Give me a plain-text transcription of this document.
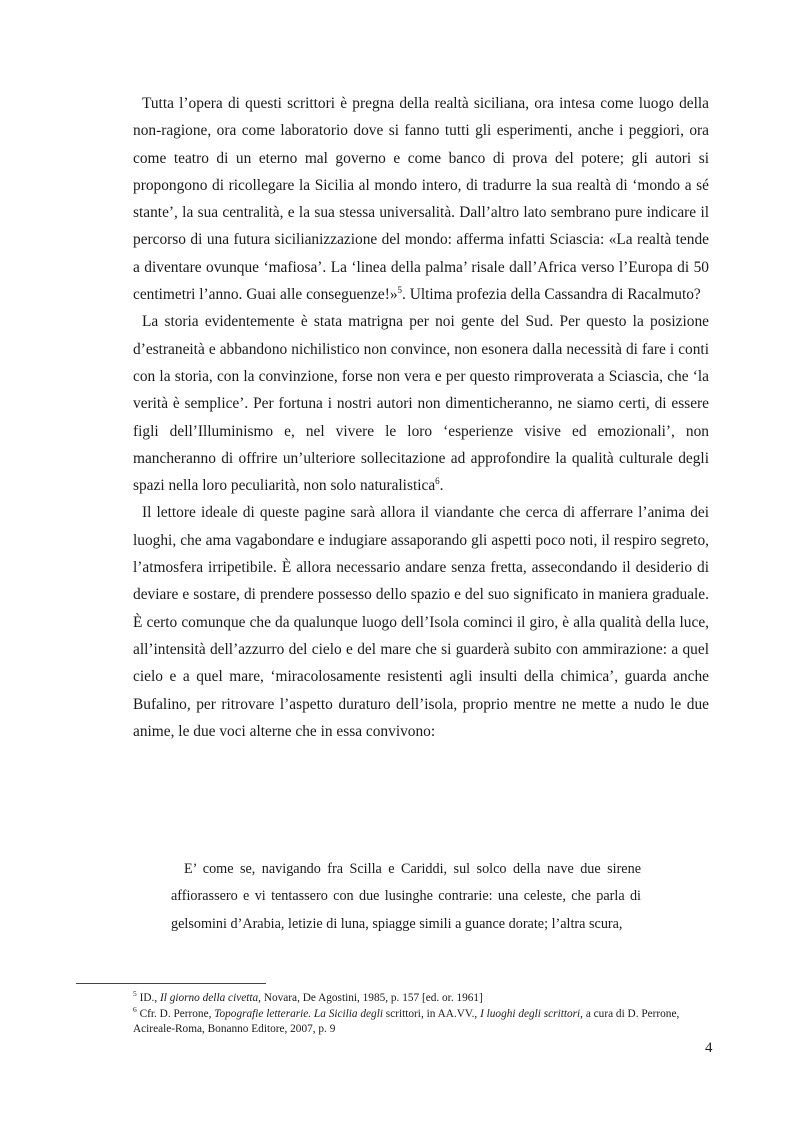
Tutta l’opera di questi scrittori è pregna della realtà siciliana, ora intesa come luogo della non-ragione, ora come laboratorio dove si fanno tutti gli esperimenti, anche i peggiori, ora come teatro di un eterno mal governo e come banco di prova del potere; gli autori si propongono di ricollegare la Sicilia al mondo intero, di tradurre la sua realtà di ‘mondo a sé stante’, la sua centralità, e la sua stessa universalità. Dall’altro lato sembrano pure indicare il percorso di una futura sicilianizzazione del mondo: afferma infatti Sciascia: «La realtà tende a diventare ovunque ‘mafiosa’. La ‘linea della palma’ risale dall’Africa verso l’Europa di 50 centimetri l’anno. Guai alle conseguenze!»$^5$. Ultima profezia della Cassandra di Racalmuto?

La storia evidentemente è stata matrigna per noi gente del Sud. Per questo la posizione d’estraneità e abbandono nichilistico non convince, non esonera dalla necessità di fare i conti con la storia, con la convinzione, forse non vera e per questo rimproverata a Sciascia, che ‘la verità è semplice’. Per fortuna i nostri autori non dimenticheranno, ne siamo certi, di essere figli dell’Illuminismo e, nel vivere le loro ‘esperienze visive ed emozionali’, non mancheranno di offrire un’ulteriore sollecitazione ad approfondire la qualità culturale degli spazi nella loro peculiarità, non solo naturalistica$^6$.

Il lettore ideale di queste pagine sarà allora il viandante che cerca di afferrare l’anima dei luoghi, che ama vagabondare e indugiare assaporando gli aspetti poco noti, il respiro segreto, l’atmosfera irripetibile. È allora necessario andare senza fretta, assecondando il desiderio di deviare e sostare, di prendere possesso dello spazio e del suo significato in maniera graduale. È certo comunque che da qualunque luogo dell’Isola cominci il giro, è alla qualità della luce, all’intensità dell’azzurro del cielo e del mare che si guarderà subito con ammirazione: a quel cielo e a quel mare, ‘miracolosamente resistenti agli insulti della chimica’, guarda anche Bufalino, per ritrovare l’aspetto duraturo dell’isola, proprio mentre ne mette a nudo le due anime, le due voci alterne che in essa convivono:

E’ come se, navigando fra Scilla e Cariddi, sul solco della nave due sirene affiorassero e vi tentassero con due lusinghe contrarie: una celeste, che parla di gelsomini d’Arabia, letizie di luna, spiagge simili a guance dorate; l’altra scura,

$^5$ ID., Il giorno della civetta, Novara, De Agostini, 1985, p. 157 [ed. or. 1961]

$^6$ Cfr. D. Perrone, Topografie letterarie. La Sicilia degli scrittori, in AA.VV., I luoghi degli scrittori, a cura di D. Perrone, Acireale-Roma, Bonanno Editore, 2007, p. 9

4
